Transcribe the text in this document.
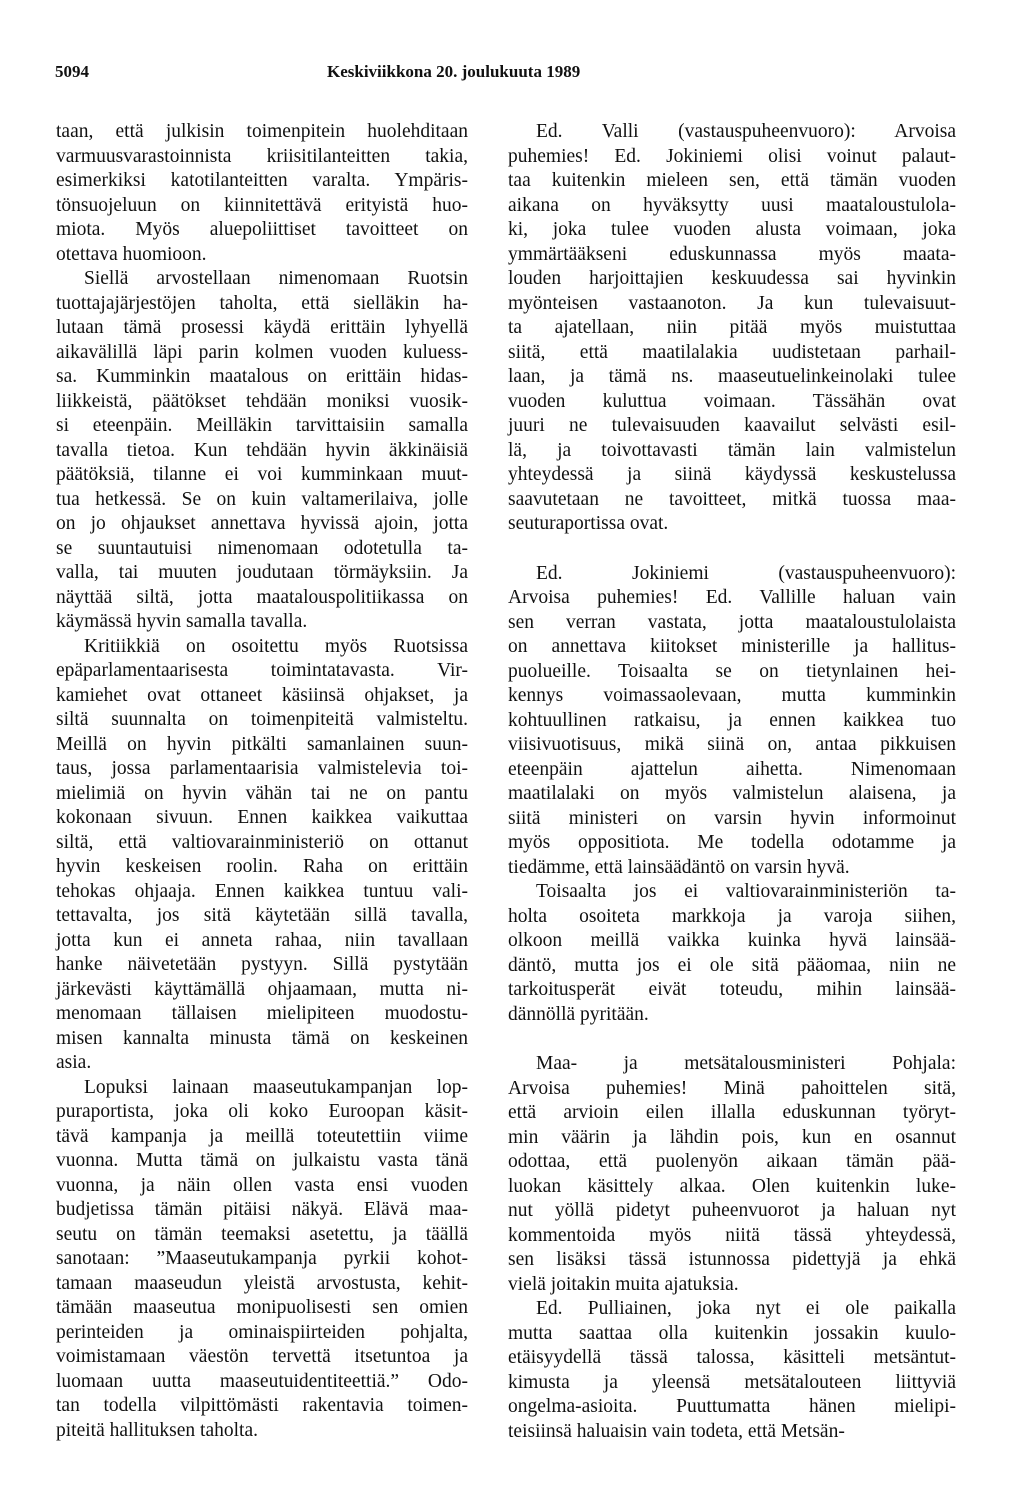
5094	Keskiviikkona 20. joulukuuta 1989
taan, että julkisin toimenpitein huolehditaan
varmuusvarastoinnista kriisitilanteitten takia,
esimerkiksi katotilanteitten varalta. Ympäris-
tönsuojeluun on kiinnitettävä erityistä huo-
miota. Myös aluepoliittiset tavoitteet on
otettava huomioon.
Siellä arvostellaan nimenomaan Ruotsin
tuottajajärjestöjen taholta, että sielläkin ha-
lutaan tämä prosessi käydä erittäin lyhyellä
aikavälillä läpi parin kolmen vuoden kuluess-
sa. Kumminkin maatalous on erittäin hidas-
liikkeistä, päätökset tehdään moniksi vuosik-
si eteenpäin. Meilläkin tarvittaisiin samalla
tavalla tietoa. Kun tehdään hyvin äkkinäisiä
päätöksiä, tilanne ei voi kumminkaan muut-
tua hetkessä. Se on kuin valtamerilaiva, jolle
on jo ohjaukset annettava hyvissä ajoin, jotta
se suuntautuisi nimenomaan odotetulla ta-
valla, tai muuten joudutaan törmäyksiin. Ja
näyttää siltä, jotta maatalouspolitiikassa on
käymässä hyvin samalla tavalla.
Kritiikkiä on osoitettu myös Ruotsissa
epäparlamentaarisesta toimintatavasta. Vir-
kamiehet ovat ottaneet käsiinsä ohjakset, ja
siltä suunnalta on toimenpiteitä valmisteltu.
Meillä on hyvin pitkälti samanlainen suun-
taus, jossa parlamentaarisia valmistelevia toi-
mielimiä on hyvin vähän tai ne on pantu
kokonaan sivuun. Ennen kaikkea vaikuttaa
siltä, että valtiovarainministeriö on ottanut
hyvin keskeisen roolin. Raha on erittäin
tehokas ohjaaja. Ennen kaikkea tuntuu vali-
tettavalta, jos sitä käytetään sillä tavalla,
jotta kun ei anneta rahaa, niin tavallaan
hanke näivetetään pystyyn. Sillä pystytään
järkevästi käyttämällä ohjaamaan, mutta ni-
menomaan tällaisen mielipiteen muodostu-
misen kannalta minusta tämä on keskeinen
asia.
Lopuksi lainaan maaseutukampanjan lop-
puraportista, joka oli koko Euroopan käsit-
tävä kampanja ja meillä toteutettiin viime
vuonna. Mutta tämä on julkaistu vasta tänä
vuonna, ja näin ollen vasta ensi vuoden
budjetissa tämän pitäisi näkyä. Elävä maa-
seutu on tämän teemaksi asetettu, ja täällä
sanotaan: ”Maaseutukampanja pyrkii kohot-
tamaan maaseudun yleistä arvostusta, kehit-
tämään maaseutua monipuolisesti sen omien
perinteiden ja ominaispiirteiden pohjalta,
voimistamaan väestön tervettä itsetuntoa ja
luomaan uutta maaseutuidentiteettiä.” Odo-
tan todella vilpittömästi rakentavia toimen-
piteitä hallituksen taholta.
Ed. Valli (vastauspuheenvuoro): Arvoisa
puhemies! Ed. Jokiniemi olisi voinut palaut-
taa kuitenkin mieleen sen, että tämän vuoden
aikana on hyväksytty uusi maataloustulola-
ki, joka tulee vuoden alusta voimaan, joka
ymmärtääkseni eduskunnassa myös maata-
louden harjoittajien keskuudessa sai hyvinkin
myönteisen vastaanoton. Ja kun tulevaisuut-
ta ajatellaan, niin pitää myös muistuttaa
siitä, että maatilalakia uudistetaan parhail-
laan, ja tämä ns. maaseutuelinkeinolaki tulee
vuoden kuluttua voimaan. Tässähän ovat
juuri ne tulevaisuuden kaavailut selvästi esil-
lä, ja toivottavasti tämän lain valmistelun
yhteydessä ja siinä käydyssä keskustelussa
saavutetaan ne tavoitteet, mitkä tuossa maa-
seuturaportissa ovat.
Ed. Jokiniemi (vastauspuheenvuoro):
Arvoisa puhemies! Ed. Vallille haluan vain
sen verran vastata, jotta maataloustulolaista
on annettava kiitokset ministerille ja hallitus-
puolueille. Toisaalta se on tietynlainen hei-
kennys voimassaolevaan, mutta kumminkin
kohtuullinen ratkaisu, ja ennen kaikkea tuo
viisivuotisuus, mikä siinä on, antaa pikkuisen
eteenpäin ajattelun aihetta. Nimenomaan
maatilalaki on myös valmistelun alaisena, ja
siitä ministeri on varsin hyvin informoinut
myös oppositiota. Me todella odotamme ja
tiedämme, että lainsäädäntö on varsin hyvä.
Toisaalta jos ei valtiovarainministeriön ta-
holta osoiteta markkoja ja varoja siihen,
olkoon meillä vaikka kuinka hyvä lainsää-
däntö, mutta jos ei ole sitä pääomaa, niin ne
tarkoitusperät eivät toteudu, mihin lainsää-
dännöllä pyritään.
Maa- ja metsätalousministeri Pohjala:
Arvoisa puhemies! Minä pahoittelen sitä,
että arvioin eilen illalla eduskunnan työryt-
min väärin ja lähdin pois, kun en osannut
odottaa, että puolenyön aikaan tämän pää-
luokan käsittely alkaa. Olen kuitenkin luke-
nut yöllä pidetyt puheenvuorot ja haluan nyt
kommentoida myös niitä tässä yhteydessä,
sen lisäksi tässä istunnossa pidettyjä ja ehkä
vielä joitakin muita ajatuksia.
Ed. Pulliainen, joka nyt ei ole paikalla
mutta saattaa olla kuitenkin jossakin kuulo-
etäisyydellä tässä talossa, käsitteli metsäntut-
kimusta ja yleensä metsätalouteen liittyviä
ongelma-asioita. Puuttumatta hänen mielipi-
teisiinsä haluaisin vain todeta, että Metsän-
